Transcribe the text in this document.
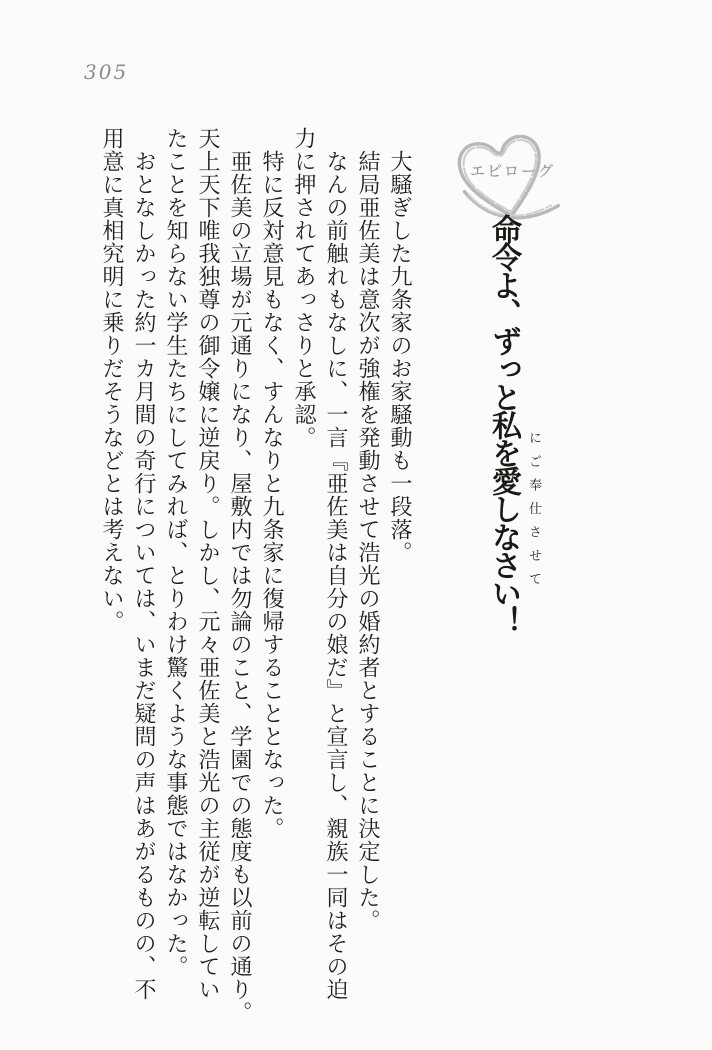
305
エピローグ
命令よ、ずっと私を愛しなさい！ にご奉仕させて
　大騒ぎした九条家のお家騒動も一段落。
　結局亜佐美は意次が強権を発動させて浩光の婚約者とすることに決定した。
　なんの前触れもなしに、一言『亜佐美は自分の娘だ』と宣言し、親族一同はその迫
力に押されてあっさりと承認。
　特に反対意見もなく、すんなりと九条家に復帰することとなった。
　亜佐美の立場が元通りになり、屋敷内では勿論のこと、学園での態度も以前の通り。
天上天下唯我独尊の御令嬢に逆戻り。しかし、元々亜佐美と浩光の主従が逆転してい
たことを知らない学生たちにしてみれば、とりわけ驚くような事態ではなかった。
　おとなしかった約一カ月間の奇行については、いまだ疑問の声はあがるものの、不
用意に真相究明に乗りだそうなどとは考えない。
